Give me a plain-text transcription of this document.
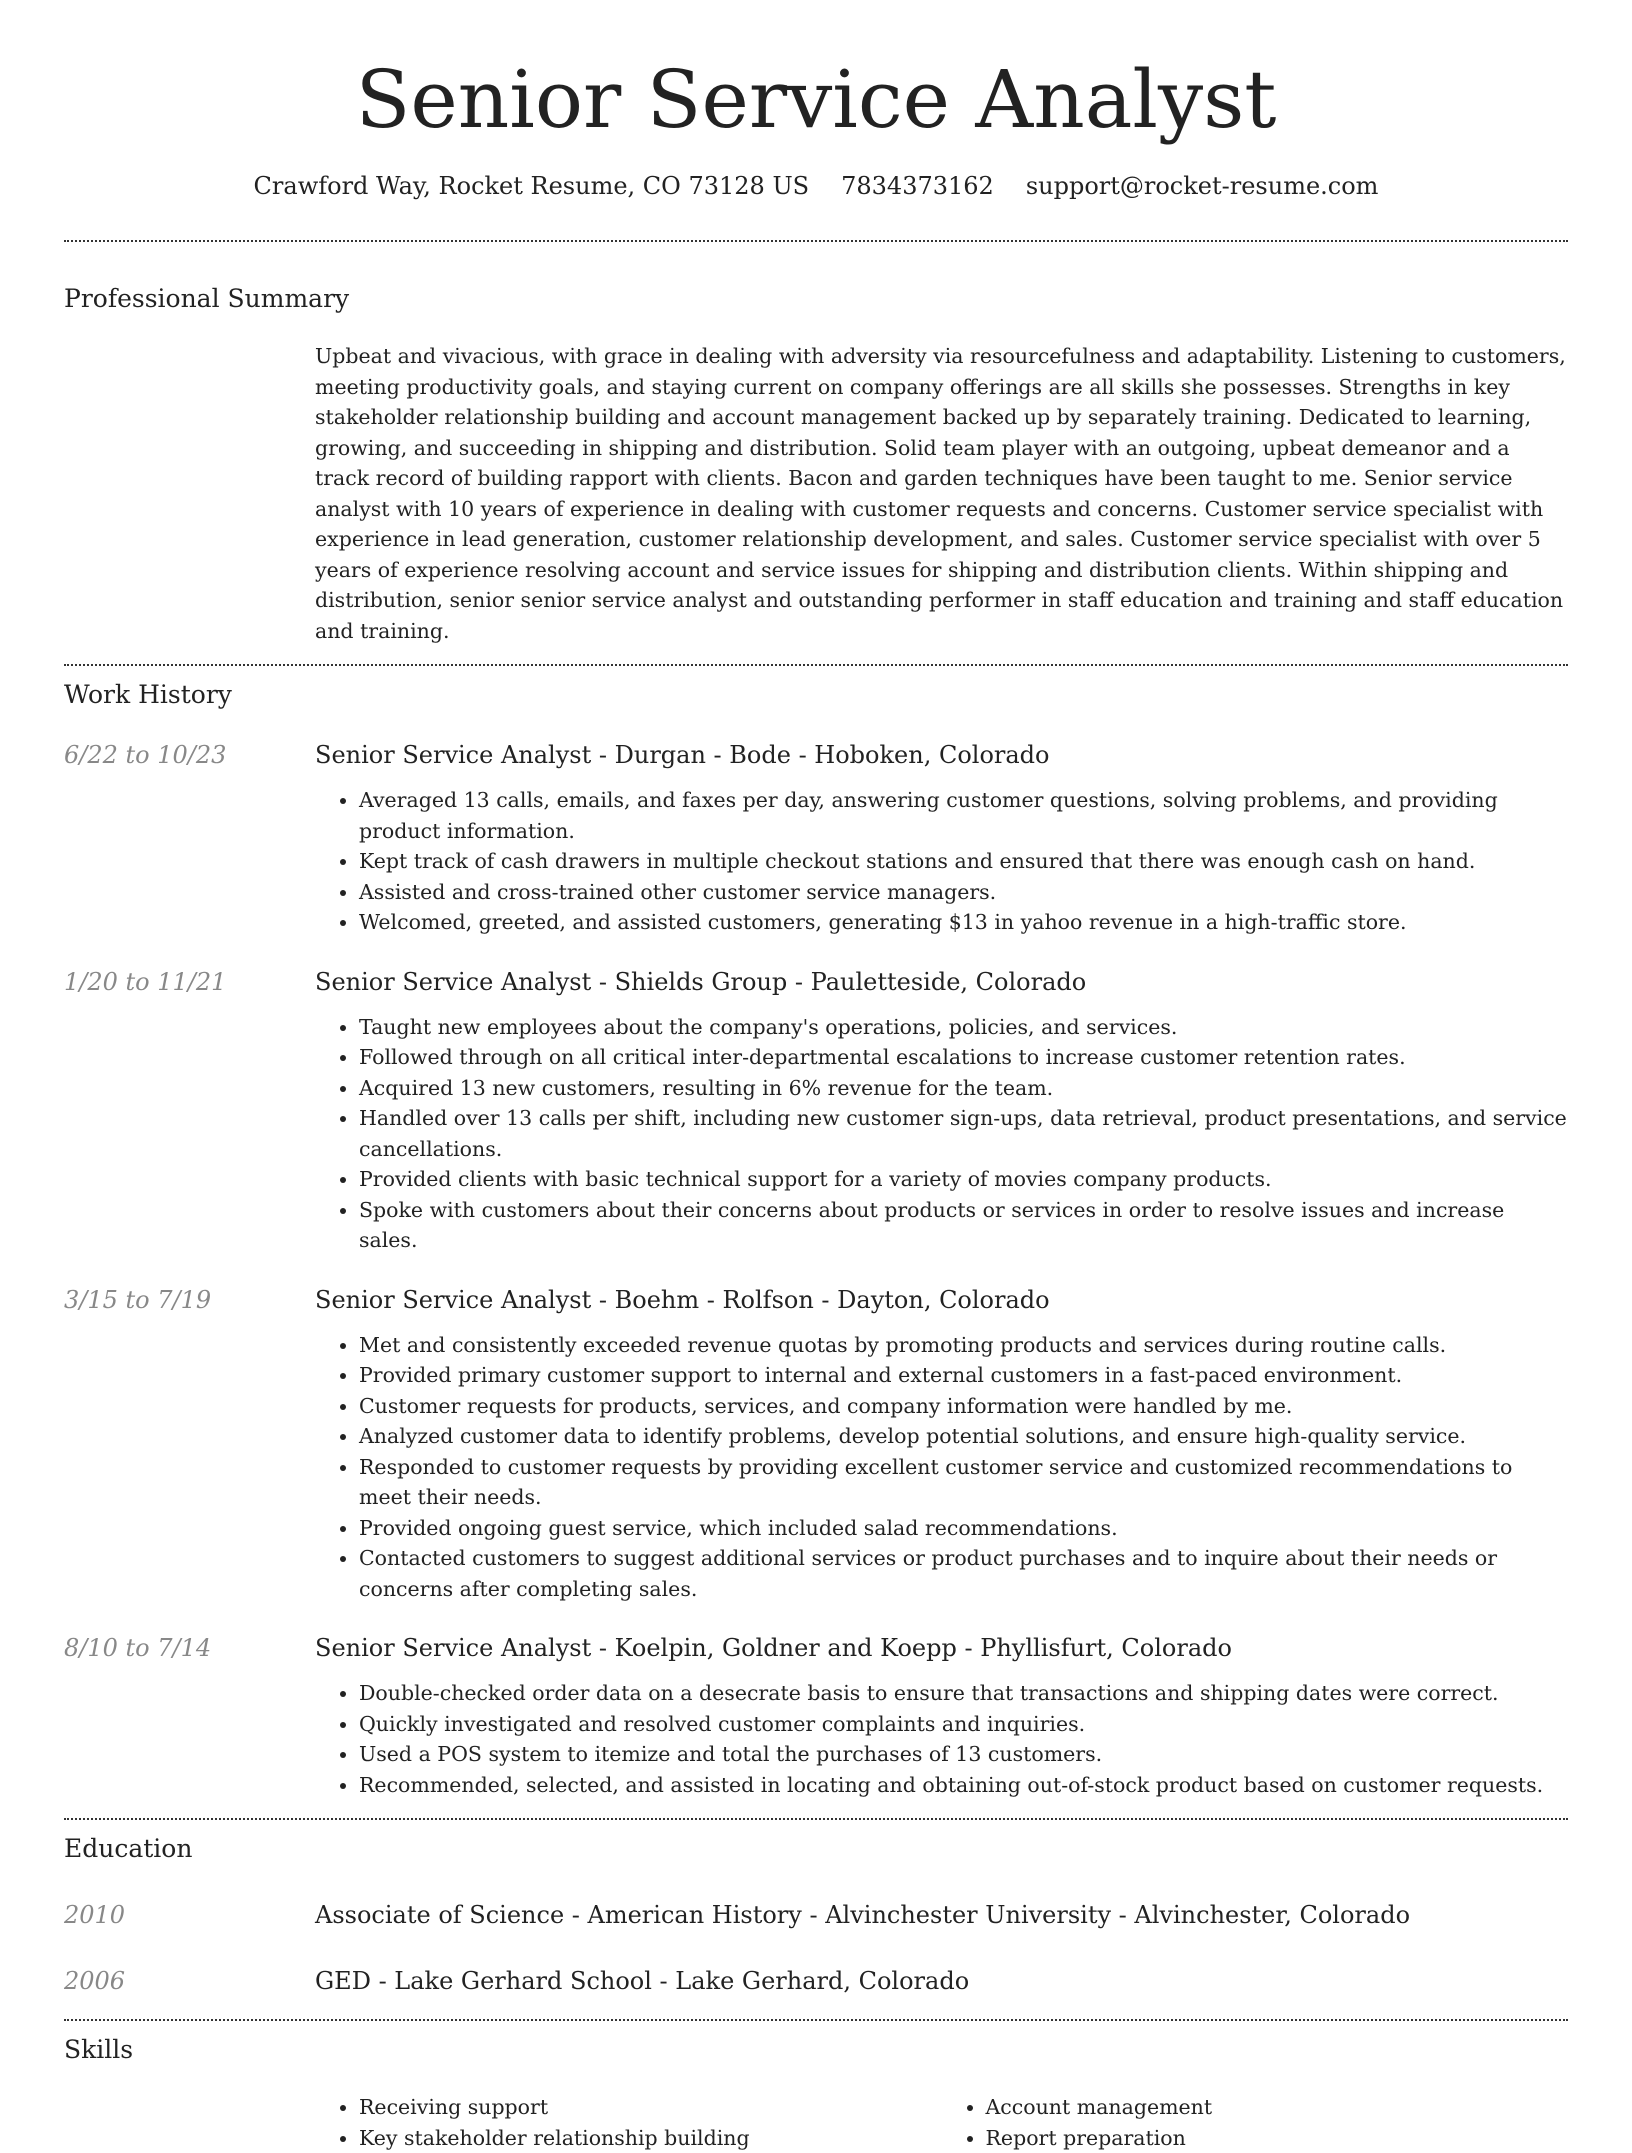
Senior Service Analyst
Crawford Way, Rocket Resume, CO 73128 US 7834373162 support@rocket-resume.com
Professional Summary

Upbeat and vivacious, with grace in dealing with adversity via resourcefulness and adaptability. Listening to customers, meeting productivity goals, and staying current on company offerings are all skills she possesses. Strengths in key stakeholder relationship building and account management backed up by separately training. Dedicated to learning, growing, and succeeding in shipping and distribution. Solid team player with an outgoing, upbeat demeanor and a track record of building rapport with clients. Bacon and garden techniques have been taught to me. Senior service analyst with 10 years of experience in dealing with customer requests and concerns. Customer service specialist with experience in lead generation, customer relationship development, and sales. Customer service specialist with over 5 years of experience resolving account and service issues for shipping and distribution clients. Within shipping and distribution, senior senior service analyst and outstanding performer in staff education and training and staff education and training.

Work History
6/22 to 10/23	Senior Service Analyst - Durgan - Bode - Hoboken, Colorado
• Averaged 13 calls, emails, and faxes per day, answering customer questions, solving problems, and providing product information.
• Kept track of cash drawers in multiple checkout stations and ensured that there was enough cash on hand.
• Assisted and cross-trained other customer service managers.
• Welcomed, greeted, and assisted customers, generating $13 in yahoo revenue in a high-traffic store.
1/20 to 11/21	Senior Service Analyst - Shields Group - Pauletteside, Colorado
• Taught new employees about the company's operations, policies, and services.
• Followed through on all critical inter-departmental escalations to increase customer retention rates.
• Acquired 13 new customers, resulting in 6% revenue for the team.
• Handled over 13 calls per shift, including new customer sign-ups, data retrieval, product presentations, and service cancellations.
• Provided clients with basic technical support for a variety of movies company products.
• Spoke with customers about their concerns about products or services in order to resolve issues and increase sales.
3/15 to 7/19	Senior Service Analyst - Boehm - Rolfson - Dayton, Colorado
• Met and consistently exceeded revenue quotas by promoting products and services during routine calls.
• Provided primary customer support to internal and external customers in a fast-paced environment.
• Customer requests for products, services, and company information were handled by me.
• Analyzed customer data to identify problems, develop potential solutions, and ensure high-quality service.
• Responded to customer requests by providing excellent customer service and customized recommendations to meet their needs.
• Provided ongoing guest service, which included salad recommendations.
• Contacted customers to suggest additional services or product purchases and to inquire about their needs or concerns after completing sales.
8/10 to 7/14	Senior Service Analyst - Koelpin, Goldner and Koepp - Phyllisfurt, Colorado
• Double-checked order data on a desecrate basis to ensure that transactions and shipping dates were correct.
• Quickly investigated and resolved customer complaints and inquiries.
• Used a POS system to itemize and total the purchases of 13 customers.
• Recommended, selected, and assisted in locating and obtaining out-of-stock product based on customer requests.
Education
2010	Associate of Science - American History - Alvinchester University - Alvinchester, Colorado
2006	GED - Lake Gerhard School - Lake Gerhard, Colorado
Skills
• Receiving support
• Key stakeholder relationship building
• Account management
• Report preparation
